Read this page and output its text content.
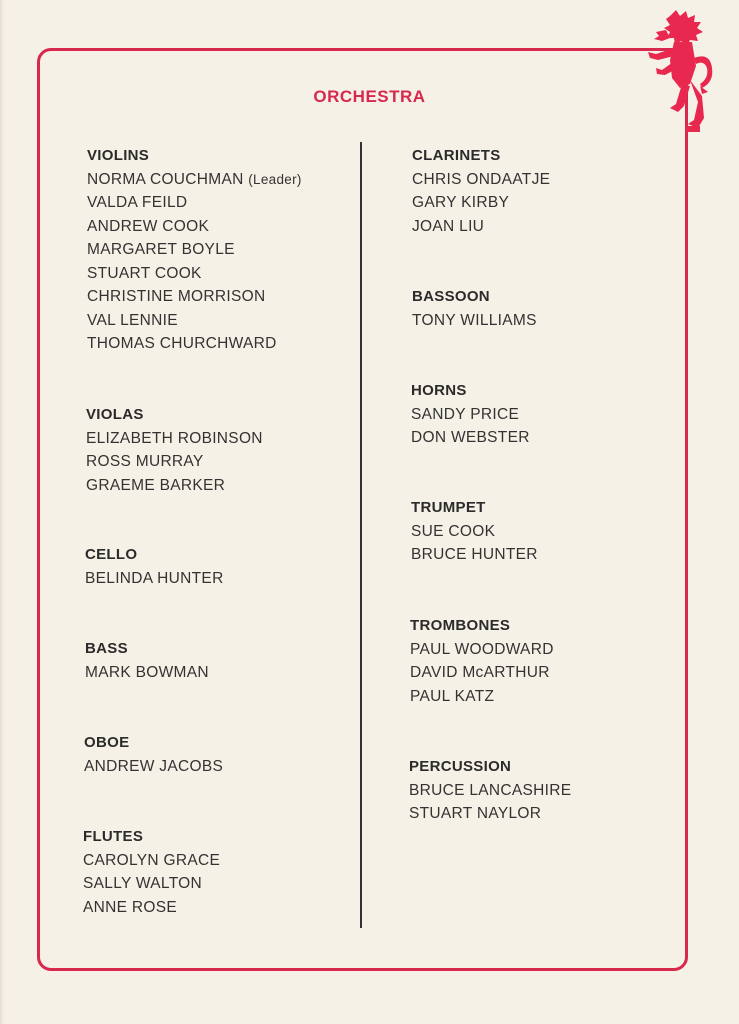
ORCHESTRA
VIOLINS
NORMA COUCHMAN (Leader)
VALDA FEILD
ANDREW COOK
MARGARET BOYLE
STUART COOK
CHRISTINE MORRISON
VAL LENNIE
THOMAS CHURCHWARD
VIOLAS
ELIZABETH ROBINSON
ROSS MURRAY
GRAEME BARKER
CELLO
BELINDA HUNTER
BASS
MARK BOWMAN
OBOE
ANDREW JACOBS
FLUTES
CAROLYN GRACE
SALLY WALTON
ANNE ROSE
CLARINETS
CHRIS ONDAATJE
GARY KIRBY
JOAN LIU
BASSOON
TONY WILLIAMS
HORNS
SANDY PRICE
DON WEBSTER
TRUMPET
SUE COOK
BRUCE HUNTER
TROMBONES
PAUL WOODWARD
DAVID McARTHUR
PAUL KATZ
PERCUSSION
BRUCE LANCASHIRE
STUART NAYLOR
